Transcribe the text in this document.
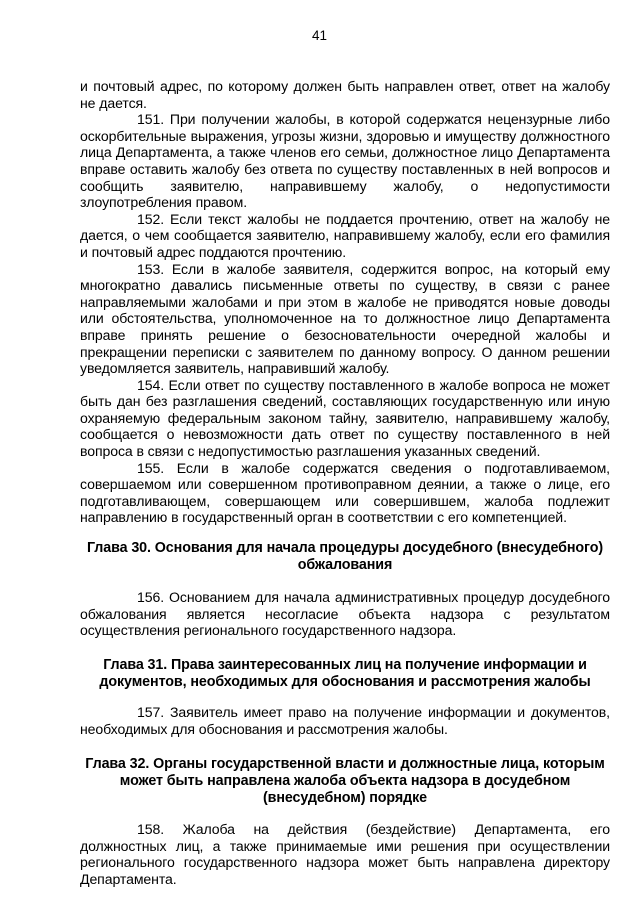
41

и почтовый адрес, по которому должен быть направлен ответ, ответ на жалобу не дается.

151. При получении жалобы, в которой содержатся нецензурные либо оскорбительные выражения, угрозы жизни, здоровью и имуществу должностного лица Департамента, а также членов его семьи, должностное лицо Департамента вправе оставить жалобу без ответа по существу поставленных в ней вопросов и сообщить заявителю, направившему жалобу, о недопустимости злоупотребления правом.

152. Если текст жалобы не поддается прочтению, ответ на жалобу не дается, о чем сообщается заявителю, направившему жалобу, если его фамилия и почтовый адрес поддаются прочтению.

153. Если в жалобе заявителя, содержится вопрос, на который ему многократно давались письменные ответы по существу, в связи с ранее направляемыми жалобами и при этом в жалобе не приводятся новые доводы или обстоятельства, уполномоченное на то должностное лицо Департамента вправе принять решение о безосновательности очередной жалобы и прекращении переписки с заявителем по данному вопросу. О данном решении уведомляется заявитель, направивший жалобу.

154. Если ответ по существу поставленного в жалобе вопроса не может быть дан без разглашения сведений, составляющих государственную или иную охраняемую федеральным законом тайну, заявителю, направившему жалобу, сообщается о невозможности дать ответ по существу поставленного в ней вопроса в связи с недопустимостью разглашения указанных сведений.

155. Если в жалобе содержатся сведения о подготавливаемом, совершаемом или совершенном противоправном деянии, а также о лице, его подготавливающем, совершающем или совершившем, жалоба подлежит направлению в государственный орган в соответствии с его компетенцией.

Глава 30. Основания для начала процедуры досудебного (внесудебного) обжалования

156. Основанием для начала административных процедур досудебного обжалования является несогласие объекта надзора с результатом осуществления регионального государственного надзора.

Глава 31. Права заинтересованных лиц на получение информации и документов, необходимых для обоснования и рассмотрения жалобы

157. Заявитель имеет право на получение информации и документов, необходимых для обоснования и рассмотрения жалобы.

Глава 32. Органы государственной власти и должностные лица, которым может быть направлена жалоба объекта надзора в досудебном (внесудебном) порядке

158. Жалоба на действия (бездействие) Департамента, его должностных лиц, а также принимаемые ими решения при осуществлении регионального государственного надзора может быть направлена директору Департамента.
